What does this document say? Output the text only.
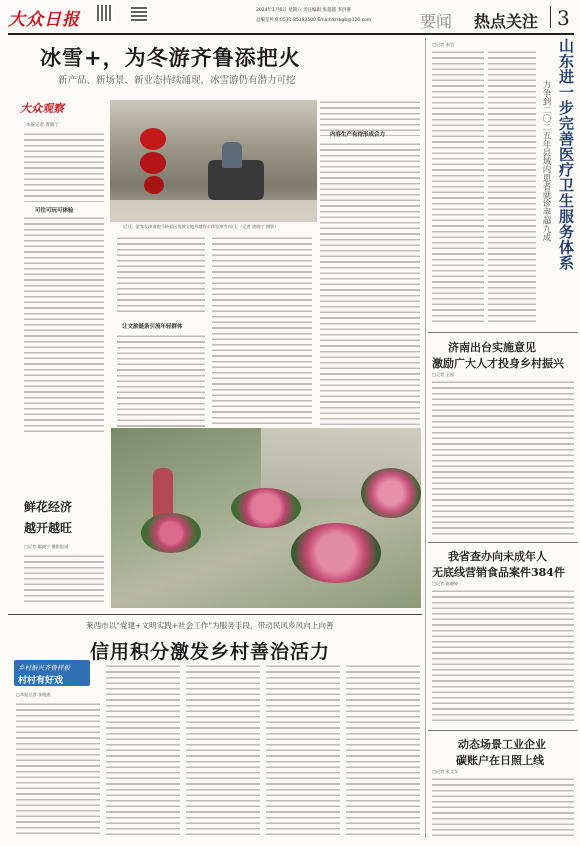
大众日报	2024年1月6日 星期六 责任编辑 张超越 李洪赛
总编室传真:0531-85193500 Email:dzrbgb@126.com	要闻 热点关注 3
冰雪+，为冬游齐鲁添把火
新产品、新场景、新业态持续涌现，冰雪游仍有潜力可挖
大众观察
本报记者 唐晓宁
可往可玩可体验
近日，游客在济南跑马岭景区驾驶全地形越野车体验冰雪项目。（记者 唐晓宁 摄影）
让文旅链条引流年轻群体
内容生产有待形成合力
鲜花经济
越开越旺
□记者 翟晓宁 摄影报道
山东进一步完善医疗卫生服务体系
力争到二〇二五年县域内患者就诊率超九成
□记者 张昊
济南出台实施意见
激励广大人才投身乡村振兴
□记者 王福
我省查办向未成年人
无底线营销食品案件384件
□记者 陈晓婷
动态场景工业企业
碳账户在日照上线
□记者 张文军
莱西市以"党建+文明实践+社会工作"为服务手段，带动民风乡风向上向善
信用积分激发乡村善治活力
乡村振兴齐鲁样板
村村有好戏
□本报记者 张晓燕
